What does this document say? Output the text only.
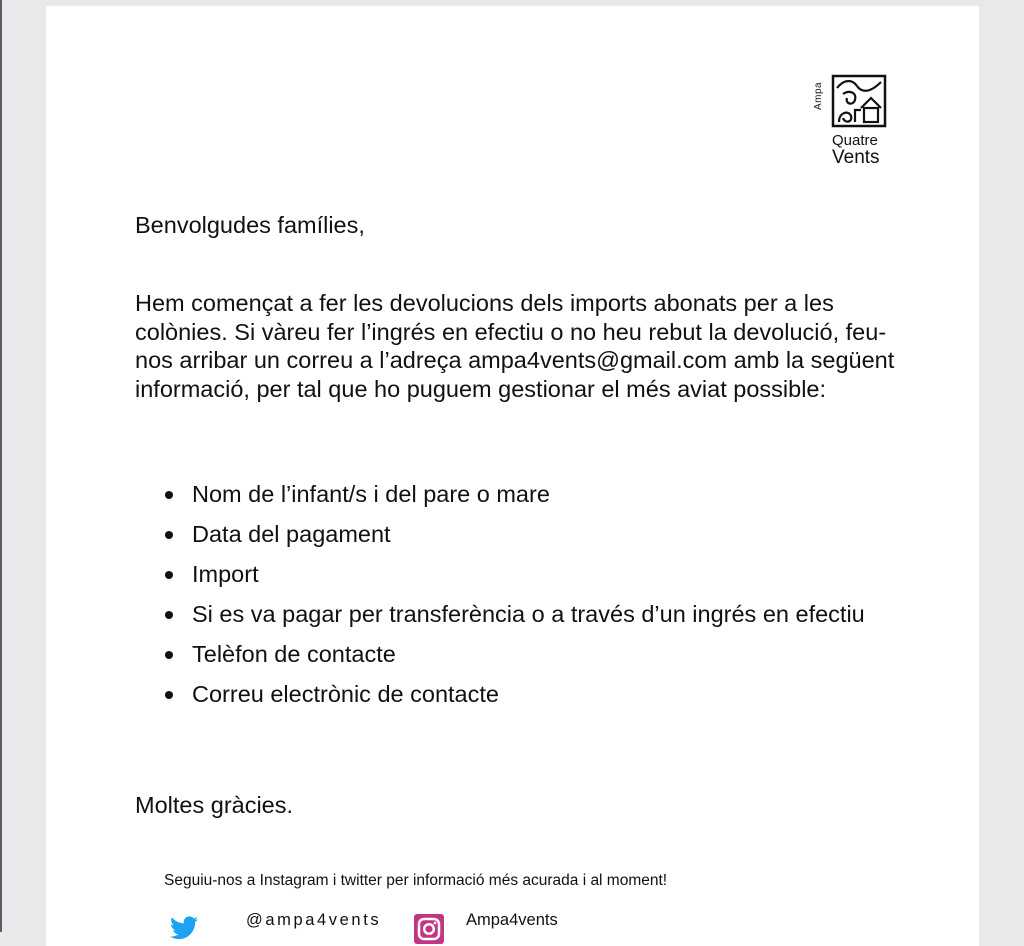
Ampa
Quatre
Vents
Benvolgudes famílies,
Hem començat a fer les devolucions dels imports abonats per a les colònies. Si vàreu fer l’ingrés en efectiu o no heu rebut la devolució, feu-nos arribar un correu a l’adreça ampa4vents@gmail.com amb la següent informació, per tal que ho puguem gestionar el més aviat possible:
Nom de l’infant/s i del pare o mare
Data del pagament
Import
Si es va pagar per transferència o a través d’un ingrés en efectiu
Telèfon de contacte
Correu electrònic de contacte
Moltes gràcies.
Seguiu-nos a Instagram i twitter per informació més acurada i al moment!
@ampa4vents	Ampa4vents
